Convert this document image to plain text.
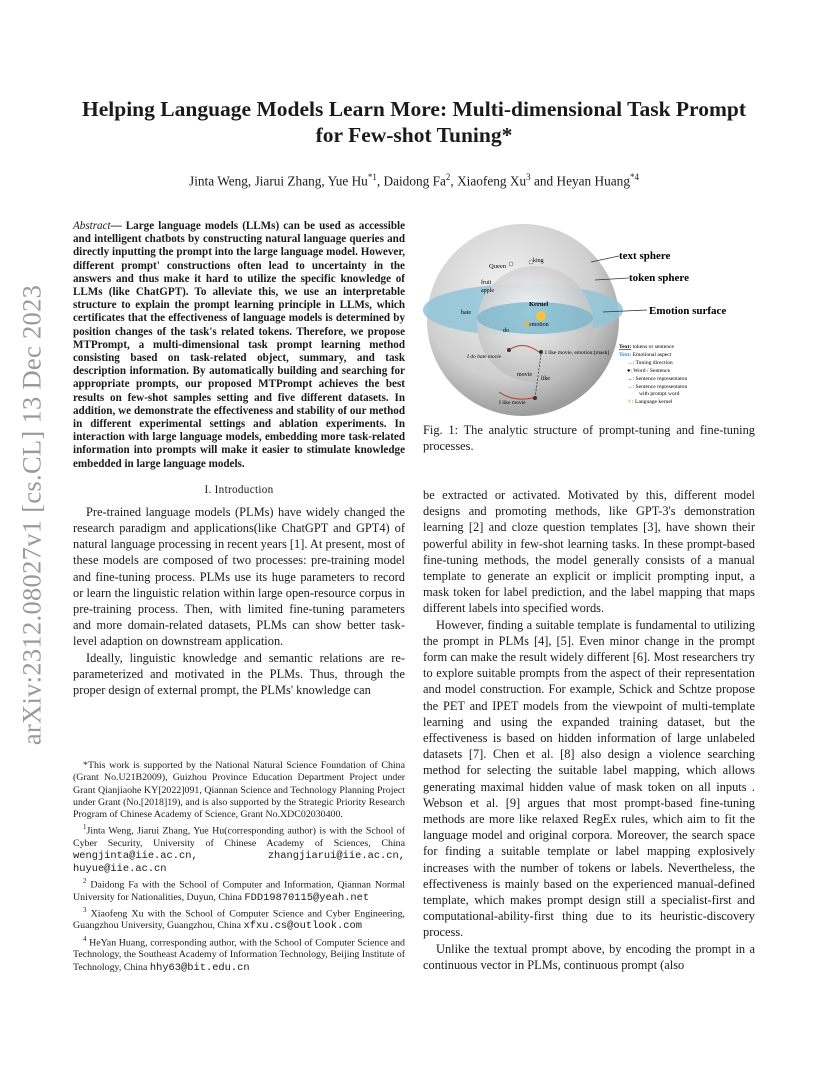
arXiv:2312.08027v1 [cs.CL] 13 Dec 2023
Helping Language Models Learn More: Multi-dimensional Task Prompt
for Few-shot Tuning*

Jinta Weng, Jiarui Zhang, Yue Hu$^{*1}$, Daidong Fa$^2$, Xiaofeng Xu$^3$ and Heyan Huang$^{*4}$

Abstract— Large language models (LLMs) can be used as accessible and intelligent chatbots by constructing natural language queries and directly inputting the prompt into the large language model. However, different prompt' constructions often lead to uncertainty in the answers and thus make it hard to utilize the specific knowledge of LLMs (like ChatGPT). To alleviate this, we use an interpretable structure to explain the prompt learning principle in LLMs, which certificates that the effectiveness of language models is determined by position changes of the task's related tokens. Therefore, we propose MTPrompt, a multi-dimensional task prompt learning method consisting based on task-related object, summary, and task description information. By automatically building and searching for appropriate prompts, our proposed MTPrompt achieves the best results on few-shot samples setting and five different datasets. In addition, we demonstrate the effectiveness and stability of our method in different experimental settings and ablation experiments. In interaction with large language models, embedding more task-related information into prompts will make it easier to stimulate knowledge embedded in large language models.

I. Introduction

Pre-trained language models (PLMs) have widely changed the research paradigm and applications(like ChatGPT and GPT4) of natural language processing in recent years [1]. At present, most of these models are composed of two processes: pre-training model and fine-tuning process. PLMs use its huge parameters to record or learn the linguistic relation within large open-resource corpus in pre-training process. Then, with limited fine-tuning parameters and more domain-related datasets, PLMs can show better task-level adaption on downstream application.

Ideally, linguistic knowledge and semantic relations are re-parameterized and motivated in the PLMs. Thus, through the proper design of external prompt, the PLMs' knowledge can

*This work is supported by the National Natural Science Foundation of China (Grant No.U21B2009), Guizhou Province Education Department Project under Grant Qianjiaohe KY[2022]091, Qiannan Science and Technology Planning Project under Grant (No.[2018]19), and is also supported by the Strategic Priority Research Program of Chinese Academy of Science, Grant No.XDC02030400.

$^1$Jinta Weng, Jiarui Zhang, Yue Hu(corresponding author) is with the School of Cyber Security, University of Chinese Academy of Sciences, China wengjinta@iie.ac.cn, zhangjiarui@iie.ac.cn, huyue@iie.ac.cn

$^2$ Daidong Fa with the School of Computer and Information, Qiannan Normal University for Nationalities, Duyun, China FDD19870115@yeah.net

$^3$ Xiaofeng Xu with the School of Computer Science and Cyber Engineering, Guangzhou University, Guangzhou, China xfxu.cs@outlook.com

$^4$ HeYan Huang, corresponding author, with the School of Computer Science and Technology, the Southeast Academy of Information Technology, Beijing Institute of Technology, China hhy63@bit.edu.cn

text sphere
token sphere
Emotion surface
Queen
king
fruit
apple
hate
Kernel
emotion
do
like
movie
I do hate movie
I like movie, emotion:[mask]
I like movie
Text: tokens or sentence
Text: Emotional aspect
→: Tuning direction
●: Word / Sentence
→: Sentence representaton
→: Sentence representaton
with prompt word
☀: Language kernel

Fig. 1: The analytic structure of prompt-tuning and fine-tuning processes.

be extracted or activated. Motivated by this, different model designs and promoting methods, like GPT-3's demonstration learning [2] and cloze question templates [3], have shown their powerful ability in few-shot learning tasks. In these prompt-based fine-tuning methods, the model generally consists of a manual template to generate an explicit or implicit prompting input, a mask token for label prediction, and the label mapping that maps different labels into specified words.

However, finding a suitable template is fundamental to utilizing the prompt in PLMs [4], [5]. Even minor change in the prompt form can make the result widely different [6]. Most researchers try to explore suitable prompts from the aspect of their representation and model construction. For example, Schick and Schtze propose the PET and IPET models from the viewpoint of multi-template learning and using the expanded training dataset, but the effectiveness is based on hidden information of large unlabeled datasets [7]. Chen et al. [8] also design a violence searching method for selecting the suitable label mapping, which allows generating maximal hidden value of mask token on all inputs . Webson et al. [9] argues that most prompt-based fine-tuning methods are more like relaxed RegEx rules, which aim to fit the language model and original corpora. Moreover, the search space for finding a suitable template or label mapping explosively increases with the number of tokens or labels. Nevertheless, the effectiveness is mainly based on the experienced manual-defined template, which makes prompt design still a specialist-first and computational-ability-first thing due to its heuristic-discovery process.

Unlike the textual prompt above, by encoding the prompt in a continuous vector in PLMs, continuous prompt (also
